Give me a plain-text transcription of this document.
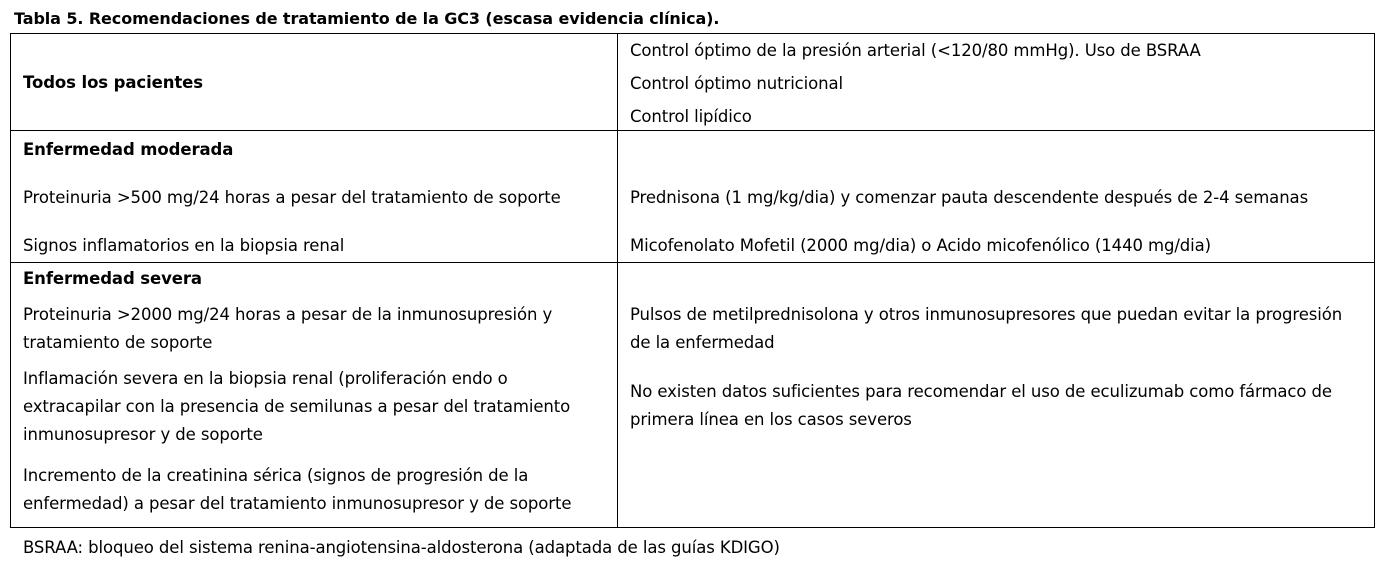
Tabla 5. Recomendaciones de tratamiento de la GC3 (escasa evidencia clínica).
Todos los pacientes
Control óptimo de la presión arterial (<120/80 mmHg). Uso de BSRAA
Control óptimo nutricional
Control lipídico
Enfermedad moderada
Proteinuria >500 mg/24 horas a pesar del tratamiento de soporte
Signos inflamatorios en la biopsia renal
Prednisona (1 mg/kg/dia) y comenzar pauta descendente después de 2-4 semanas
Micofenolato Mofetil (2000 mg/dia) o Acido micofenólico (1440 mg/dia)
Enfermedad severa
Proteinuria >2000 mg/24 horas a pesar de la inmunosupresión y
tratamiento de soporte
Inflamación severa en la biopsia renal (proliferación endo o
extracapilar con la presencia de semilunas a pesar del tratamiento
inmunosupresor y de soporte
Incremento de la creatinina sérica (signos de progresión de la
enfermedad) a pesar del tratamiento inmunosupresor y de soporte
Pulsos de metilprednisolona y otros inmunosupresores que puedan evitar la progresión
de la enfermedad
No existen datos suficientes para recomendar el uso de eculizumab como fármaco de
primera línea en los casos severos
BSRAA: bloqueo del sistema renina-angiotensina-aldosterona (adaptada de las guías KDIGO)
